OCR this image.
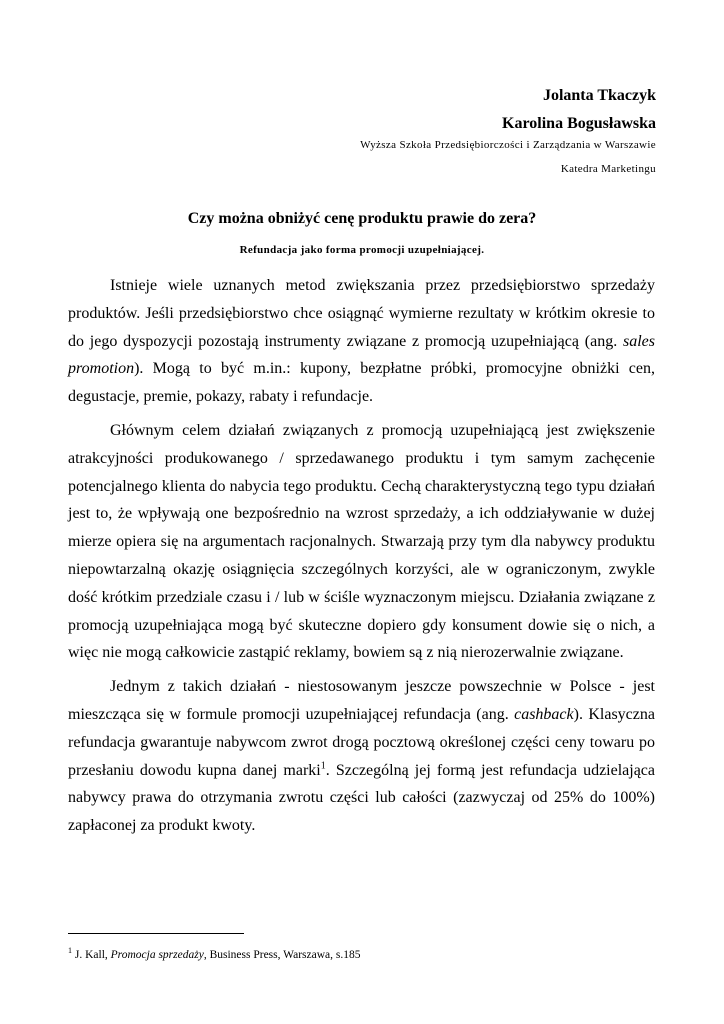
Jolanta Tkaczyk
Karolina Bogusławska
Wyższa Szkoła Przedsiębiorczości i Zarządzania w Warszawie
Katedra Marketingu
Czy można obniżyć cenę produktu prawie do zera?
Refundacja jako forma promocji uzupełniającej.

Istnieje wiele uznanych metod zwiększania przez przedsiębiorstwo sprzedaży produktów. Jeśli przedsiębiorstwo chce osiągnąć wymierne rezultaty w krótkim okresie to do jego dyspozycji pozostają instrumenty związane z promocją uzupełniającą (ang. sales promotion). Mogą to być m.in.: kupony, bezpłatne próbki, promocyjne obniżki cen, degustacje, premie, pokazy, rabaty i refundacje.

Głównym celem działań związanych z promocją uzupełniającą jest zwiększenie atrakcyjności produkowanego / sprzedawanego produktu i tym samym zachęcenie potencjalnego klienta do nabycia tego produktu. Cechą charakterystyczną tego typu działań jest to, że wpływają one bezpośrednio na wzrost sprzedaży, a ich oddziaływanie w dużej mierze opiera się na argumentach racjonalnych. Stwarzają przy tym dla nabywcy produktu niepowtarzalną okazję osiągnięcia szczególnych korzyści, ale w ograniczonym, zwykle dość krótkim przedziale czasu i / lub w ściśle wyznaczonym miejscu. Działania związane z promocją uzupełniająca mogą być skuteczne dopiero gdy konsument dowie się o nich, a więc nie mogą całkowicie zastąpić reklamy, bowiem są z nią nierozerwalnie związane.

Jednym z takich działań - niestosowanym jeszcze powszechnie w Polsce - jest mieszcząca się w formule promocji uzupełniającej refundacja (ang. cashback). Klasyczna refundacja gwarantuje nabywcom zwrot drogą pocztową określonej części ceny towaru po przesłaniu dowodu kupna danej marki$^1$. Szczególną jej formą jest refundacja udzielająca nabywcy prawa do otrzymania zwrotu części lub całości (zazwyczaj od 25% do 100%) zapłaconej za produkt kwoty.

$^1$ J. Kall, Promocja sprzedaży, Business Press, Warszawa, s.185
